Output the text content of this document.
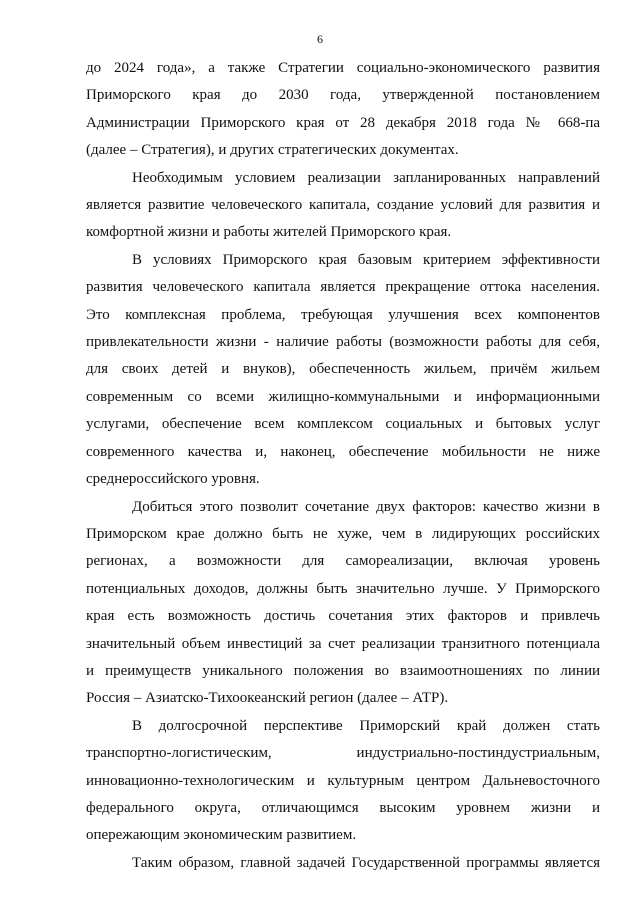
6

до 2024 года», а также Стратегии социально-экономического развития
Приморского края до 2030 года, утвержденной постановлением
Администрации Приморского края от 28 декабря 2018 года № 668-па
(далее – Стратегия), и других стратегических документах.

Необходимым условием реализации запланированных направлений
является развитие человеческого капитала, создание условий для развития и
комфортной жизни и работы жителей Приморского края.

В условиях Приморского края базовым критерием эффективности
развития человеческого капитала является прекращение оттока населения.
Это комплексная проблема, требующая улучшения всех компонентов
привлекательности жизни - наличие работы (возможности работы для себя,
для своих детей и внуков), обеспеченность жильем, причём жильем
современным со всеми жилищно-коммунальными и информационными
услугами, обеспечение всем комплексом социальных и бытовых услуг
современного качества и, наконец, обеспечение мобильности не ниже
среднероссийского уровня.

Добиться этого позволит сочетание двух факторов: качество жизни в
Приморском крае должно быть не хуже, чем в лидирующих российских
регионах, а возможности для самореализации, включая уровень
потенциальных доходов, должны быть значительно лучше. У Приморского
края есть возможность достичь сочетания этих факторов и привлечь
значительный объем инвестиций за счет реализации транзитного потенциала
и преимуществ уникального положения во взаимоотношениях по линии
Россия – Азиатско-Тихоокеанский регион (далее – АТР).

В долгосрочной перспективе Приморский край должен стать
транспортно-логистическим, индустриально-постиндустриальным,
инновационно-технологическим и культурным центром Дальневосточного
федерального округа, отличающимся высоким уровнем жизни и
опережающим экономическим развитием.

Таким образом, главной задачей Государственной программы является
